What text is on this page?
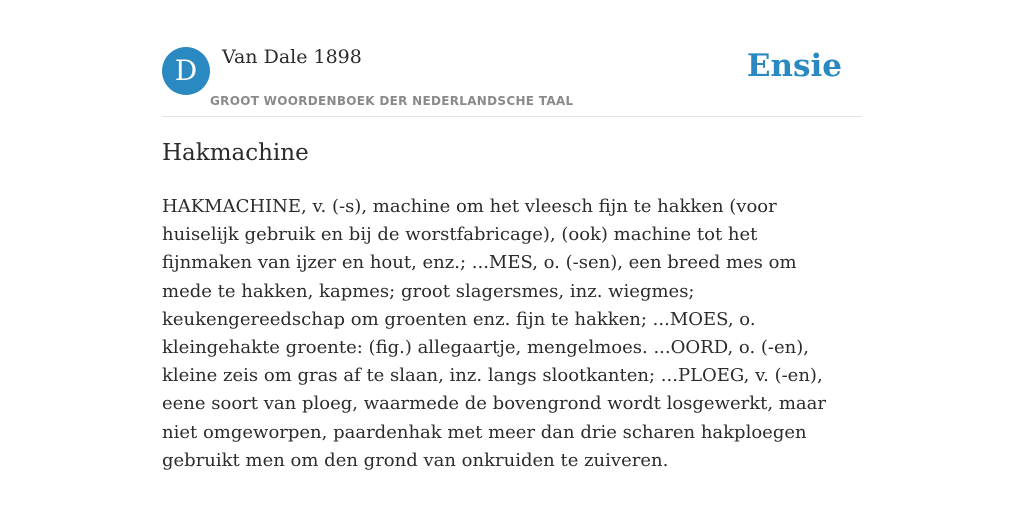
D	Van Dale 1898
GROOT WOORDENBOEK DER NEDERLANDSCHE TAAL
Ensie
Hakmachine

HAKMACHINE, v. (-s), machine om het vleesch fijn te hakken (voor huiselijk gebruik en bij de worstfabricage), (ook) machine tot het fijnmaken van ijzer en hout, enz.; ...MES, o. (-sen), een breed mes om mede te hakken, kapmes; groot slagersmes, inz. wiegmes; keukengereedschap om groenten enz. fijn te hakken; ...MOES, o. kleingehakte groente: (fig.) allegaartje, mengelmoes. ...OORD, o. (-en), kleine zeis om gras af te slaan, inz. langs slootkanten; ...PLOEG, v. (-en), eene soort van ploeg, waarmede de bovengrond wordt losgewerkt, maar niet omgeworpen, paardenhak met meer dan drie scharen hakploegen gebruikt men om den grond van onkruiden te zuiveren.
